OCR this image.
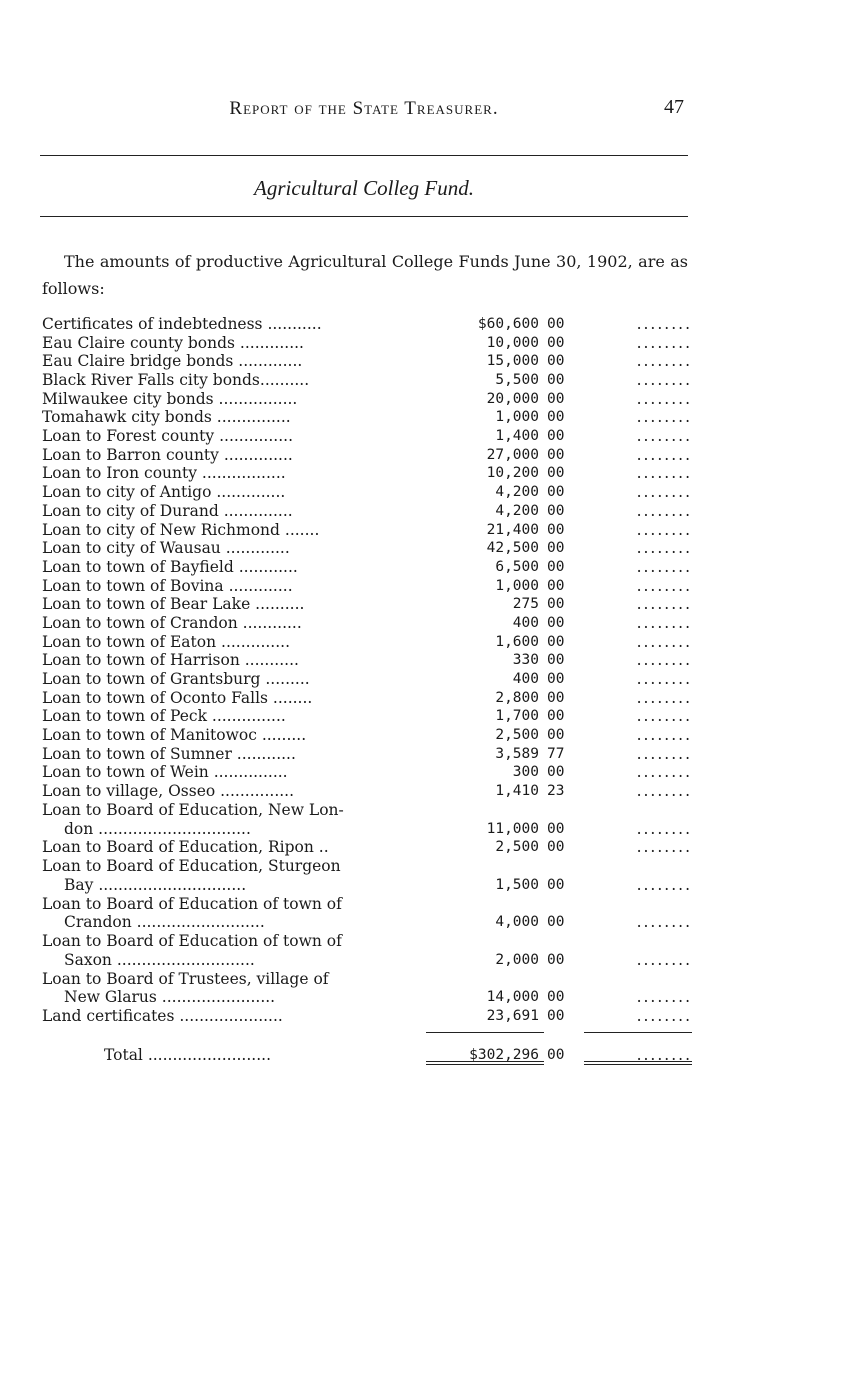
Report of the State Treasurer.	47
Agricultural Colleg Fund.
The amounts of productive Agricultural College Funds June 30, 1902, are as follows:
Certificates of indebtedness ...........	$60,600 00	........
Eau Claire county bonds .............	10,000 00	........
Eau Claire bridge bonds .............	15,000 00	........
Black River Falls city bonds..........	5,500 00	........
Milwaukee city bonds ................	20,000 00	........
Tomahawk city bonds ...............	1,000 00	........
Loan to Forest county ...............	1,400 00	........
Loan to Barron county ..............	27,000 00	........
Loan to Iron county .................	10,200 00	........
Loan to city of Antigo ..............	4,200 00	........
Loan to city of Durand ..............	4,200 00	........
Loan to city of New Richmond .......	21,400 00	........
Loan to city of Wausau .............	42,500 00	........
Loan to town of Bayfield ............	6,500 00	........
Loan to town of Bovina .............	1,000 00	........
Loan to town of Bear Lake ..........	275 00	........
Loan to town of Crandon ............	400 00	........
Loan to town of Eaton ..............	1,600 00	........
Loan to town of Harrison ...........	330 00	........
Loan to town of Grantsburg .........	400 00	........
Loan to town of Oconto Falls ........	2,800 00	........
Loan to town of Peck ...............	1,700 00	........
Loan to town of Manitowoc .........	2,500 00	........
Loan to town of Sumner ............	3,589 77	........
Loan to town of Wein ...............	300 00	........
Loan to village, Osseo ...............	1,410 23	........
Loan to Board of Education, New Lon-
don ...............................	11,000 00	........
Loan to Board of Education, Ripon ..	2,500 00	........
Loan to Board of Education, Sturgeon
Bay ..............................	1,500 00	........
Loan to Board of Education of town of
Crandon ..........................	4,000 00	........
Loan to Board of Education of town of
Saxon ............................	2,000 00	........
Loan to Board of Trustees, village of
New Glarus .......................	14,000 00	........
Land certificates .....................	23,691 00	........
Total .........................	$302,296 00	........
